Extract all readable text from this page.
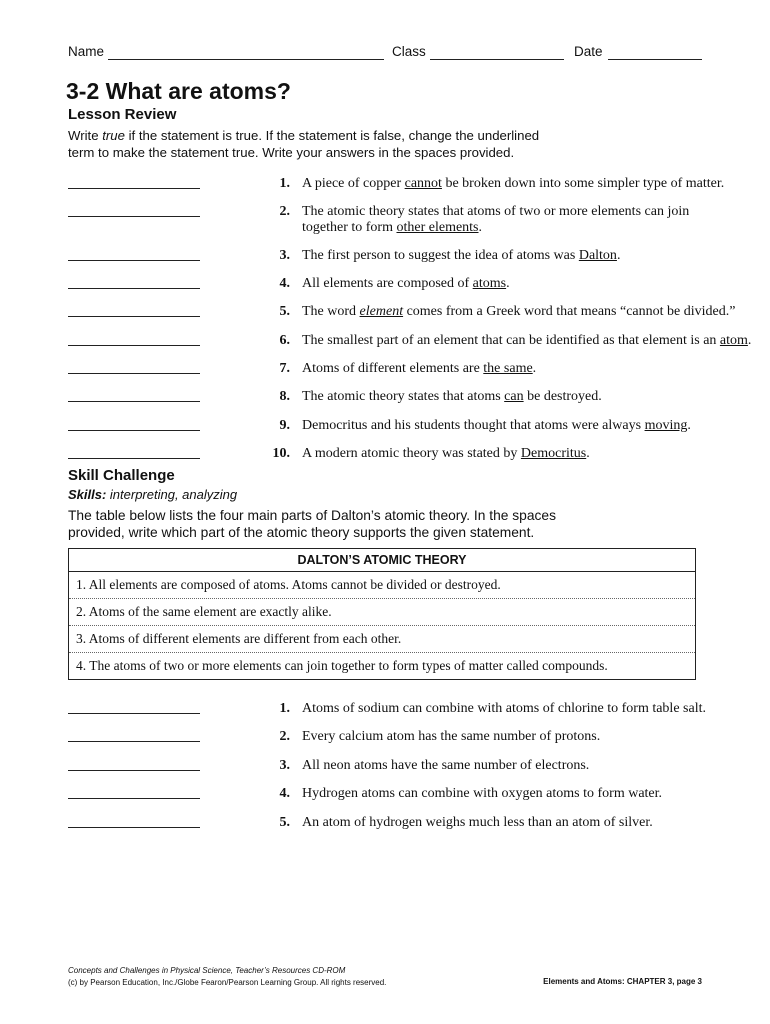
Name	Class	Date
3-2 What are atoms?
Lesson Review
Write true if the statement is true. If the statement is false, change the underlined
term to make the statement true. Write your answers in the spaces provided.
1. A piece of copper cannot be broken down into some simpler type of matter.
2. The atomic theory states that atoms of two or more elements can join
together to form other elements.
3. The first person to suggest the idea of atoms was Dalton.
4. All elements are composed of atoms.
5. The word element comes from a Greek word that means “cannot be divided.”
6. The smallest part of an element that can be identified as that element is an atom.
7. Atoms of different elements are the same.
8. The atomic theory states that atoms can be destroyed.
9. Democritus and his students thought that atoms were always moving.
10. A modern atomic theory was stated by Democritus.
Skill Challenge
Skills: interpreting, analyzing
The table below lists the four main parts of Dalton’s atomic theory. In the spaces
provided, write which part of the atomic theory supports the given statement.
DALTON’S ATOMIC THEORY
1. All elements are composed of atoms. Atoms cannot be divided or destroyed.
2. Atoms of the same element are exactly alike.
3. Atoms of different elements are different from each other.
4. The atoms of two or more elements can join together to form types of matter called compounds.
1. Atoms of sodium can combine with atoms of chlorine to form table salt.
2. Every calcium atom has the same number of protons.
3. All neon atoms have the same number of electrons.
4. Hydrogen atoms can combine with oxygen atoms to form water.
5. An atom of hydrogen weighs much less than an atom of silver.
Concepts and Challenges in Physical Science, Teacher’s Resources CD-ROM
(c) by Pearson Education, Inc./Globe Fearon/Pearson Learning Group. All rights reserved.	Elements and Atoms: CHAPTER 3, page 3
